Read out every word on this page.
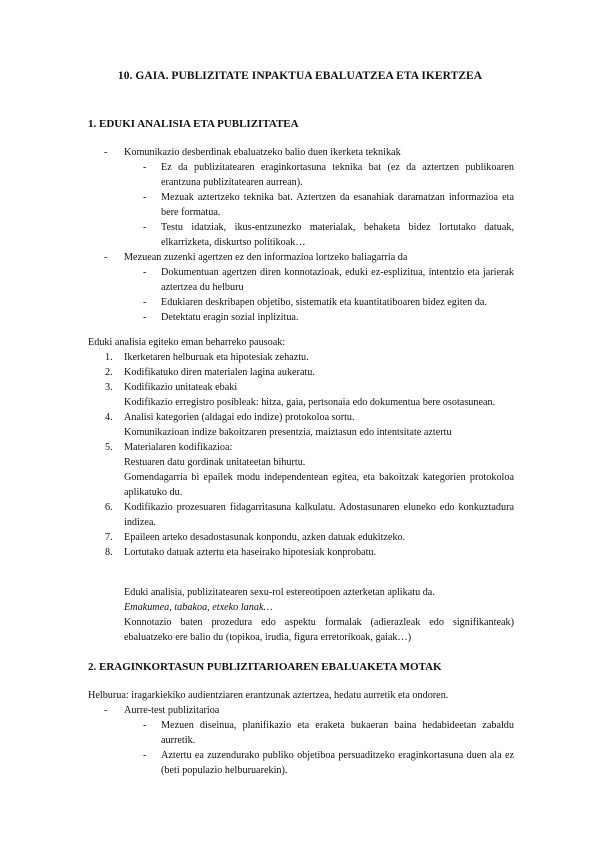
10. GAIA. PUBLIZITATE INPAKTUA EBALUATZEA ETA IKERTZEA
1. EDUKI ANALISIA ETA PUBLIZITATEA
- Komunikazio desberdinak ebaluatzeko balio duen ikerketa teknikak
- Ez da publizitatearen eraginkortasuna teknika bat (ez da aztertzen publikoaren erantzuna publizitatearen aurrean).
- Mezuak aztertzeko teknika bat. Aztertzen da esanahiak daramatzan informazioa eta bere formatua.
- Testu idatziak, ikus-entzunezko materialak, behaketa bidez lortutako datuak, elkarrizketa, diskurtso politikoak…
- Mezuean zuzenki agertzen ez den informazioa lortzeko baliagarria da
- Dokumentuan agertzen diren konnotazioak, eduki ez-esplizitua, intentzio eta jarierak aztertzea du helburu
- Edukiaren deskribapen objetibo, sistematik eta kuantitatiboaren bidez egiten da.
- Detektatu eragin sozial inplizitua.
Eduki analisia egiteko eman beharreko pausoak:
1. Ikerketaren helburuak eta hipotesiak zehaztu.
2. Kodifikatuko diren materialen lagina aukeratu.
3. Kodifikazio unitateak ebaki
Kodifikazio erregistro posibleak: hitza, gaia, pertsonaia edo dokumentua bere osotasunean.
4. Analisi kategorien (aldagai edo indize) protokoloa sortu.
Komunikazioan indize bakoitzaren presentzia, maiztasun edo intentsitate aztertu
5. Materialaren kodifikazioa:
Restuaren datu gordinak unitateetan bihurtu.
Gomendagarria bi epailek modu independentean egitea, eta bakoitzak kategorien protokoloa aplikatuko du.
6. Kodifikazio prozesuaren fidagarritasuna kalkulatu. Adostasunaren eluneko edo konkuztadura indizea.
7. Epaileen arteko desadostasunak konpondu, azken datuak edukitzeko.
8. Lortutako datuak aztertu eta haseirako hipotesiak konprobatu.
Eduki analisia, publizitatearen sexu-rol estereotipoen azterketan aplikatu da.
Emakumea, tabakoa, etxeko lanak…
Konnotazio baten prozedura edo aspektu formalak (adierazleak edo signifikanteak) ebaluatzeko ere balio du (topikoa, irudia, figura erretorikoak, gaiak…)
2. ERAGINKORTASUN PUBLIZITARIOAREN EBALUAKETA MOTAK
Helburua: iragarkiekiko audientziaren erantzunak aztertzea, hedatu aurretik eta ondoren.
- Aurre-test publizitarioa
- Mezuen diseinua, planifikazio eta eraketa bukaeran baina hedabideetan zabaldu aurretik.
- Aztertu ea zuzendurako publiko objetiboa persuaditzeko eraginkortasuna duen ala ez (beti populazio helburuarekin).
